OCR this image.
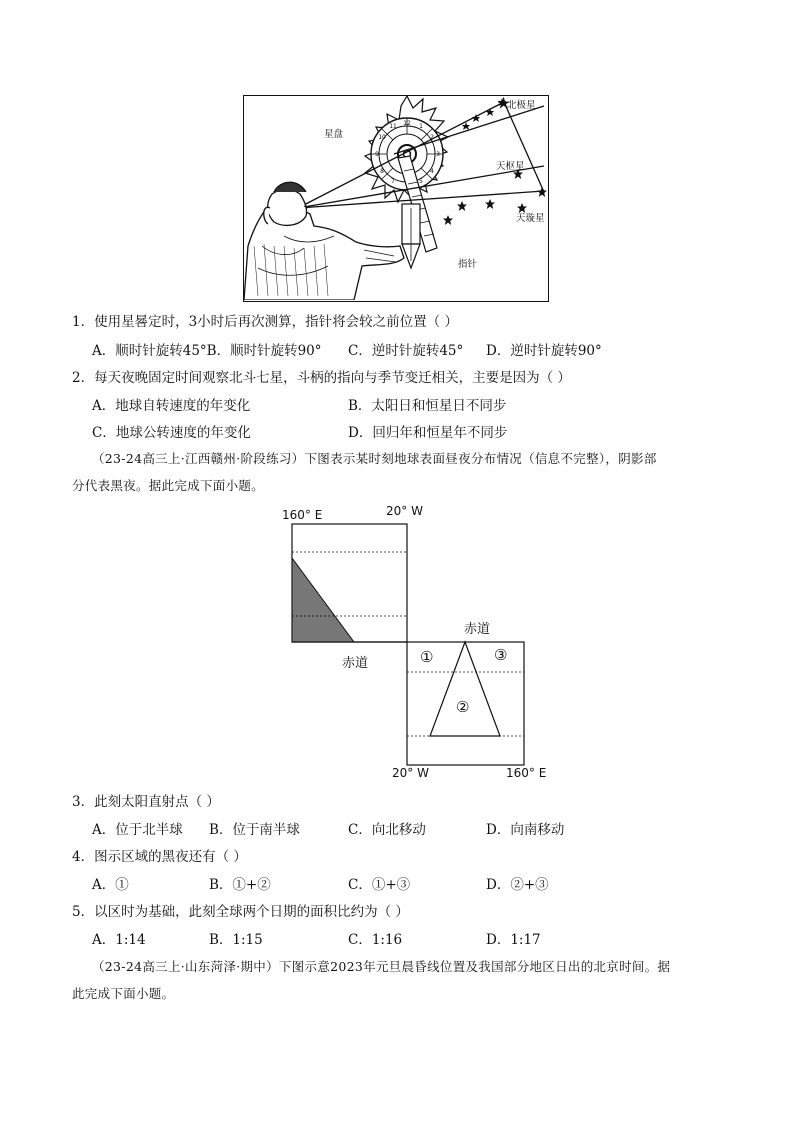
12 1
2
3
4
5
11
10
9
8
7
星盘
北极星
天枢星
天璇星
指针
1．使用星晷定时，3小时后再次测算，指针将会较之前位置（ ）
A．顺时针旋转45°B．顺时针旋转90° C．逆时针旋转45° D．逆时针旋转90°
2．每天夜晚固定时间观察北斗七星，斗柄的指向与季节变迁相关，主要是因为（ ）
A．地球自转速度的年变化	B．太阳日和恒星日不同步
C．地球公转速度的年变化	D．回归年和恒星年不同步
（23-24高三上·江西赣州·阶段练习）下图表示某时刻地球表面昼夜分布情况（信息不完整），阴影部
分代表黑夜。据此完成下面小题。
160° E	20° W
赤道
赤道	①	③
②
20° W	160° E
3．此刻太阳直射点（ ）
A．位于北半球 B．位于南半球	C．向北移动	D．向南移动
4．图示区域的黑夜还有（ ）
A．①	B．①+②	C．①+③	D．②+③
5．以区时为基础，此刻全球两个日期的面积比约为（ ）
A．1:14	B．1:15	C．1:16	D．1:17
（23-24高三上·山东菏泽·期中）下图示意2023年元旦晨昏线位置及我国部分地区日出的北京时间。据
此完成下面小题。
